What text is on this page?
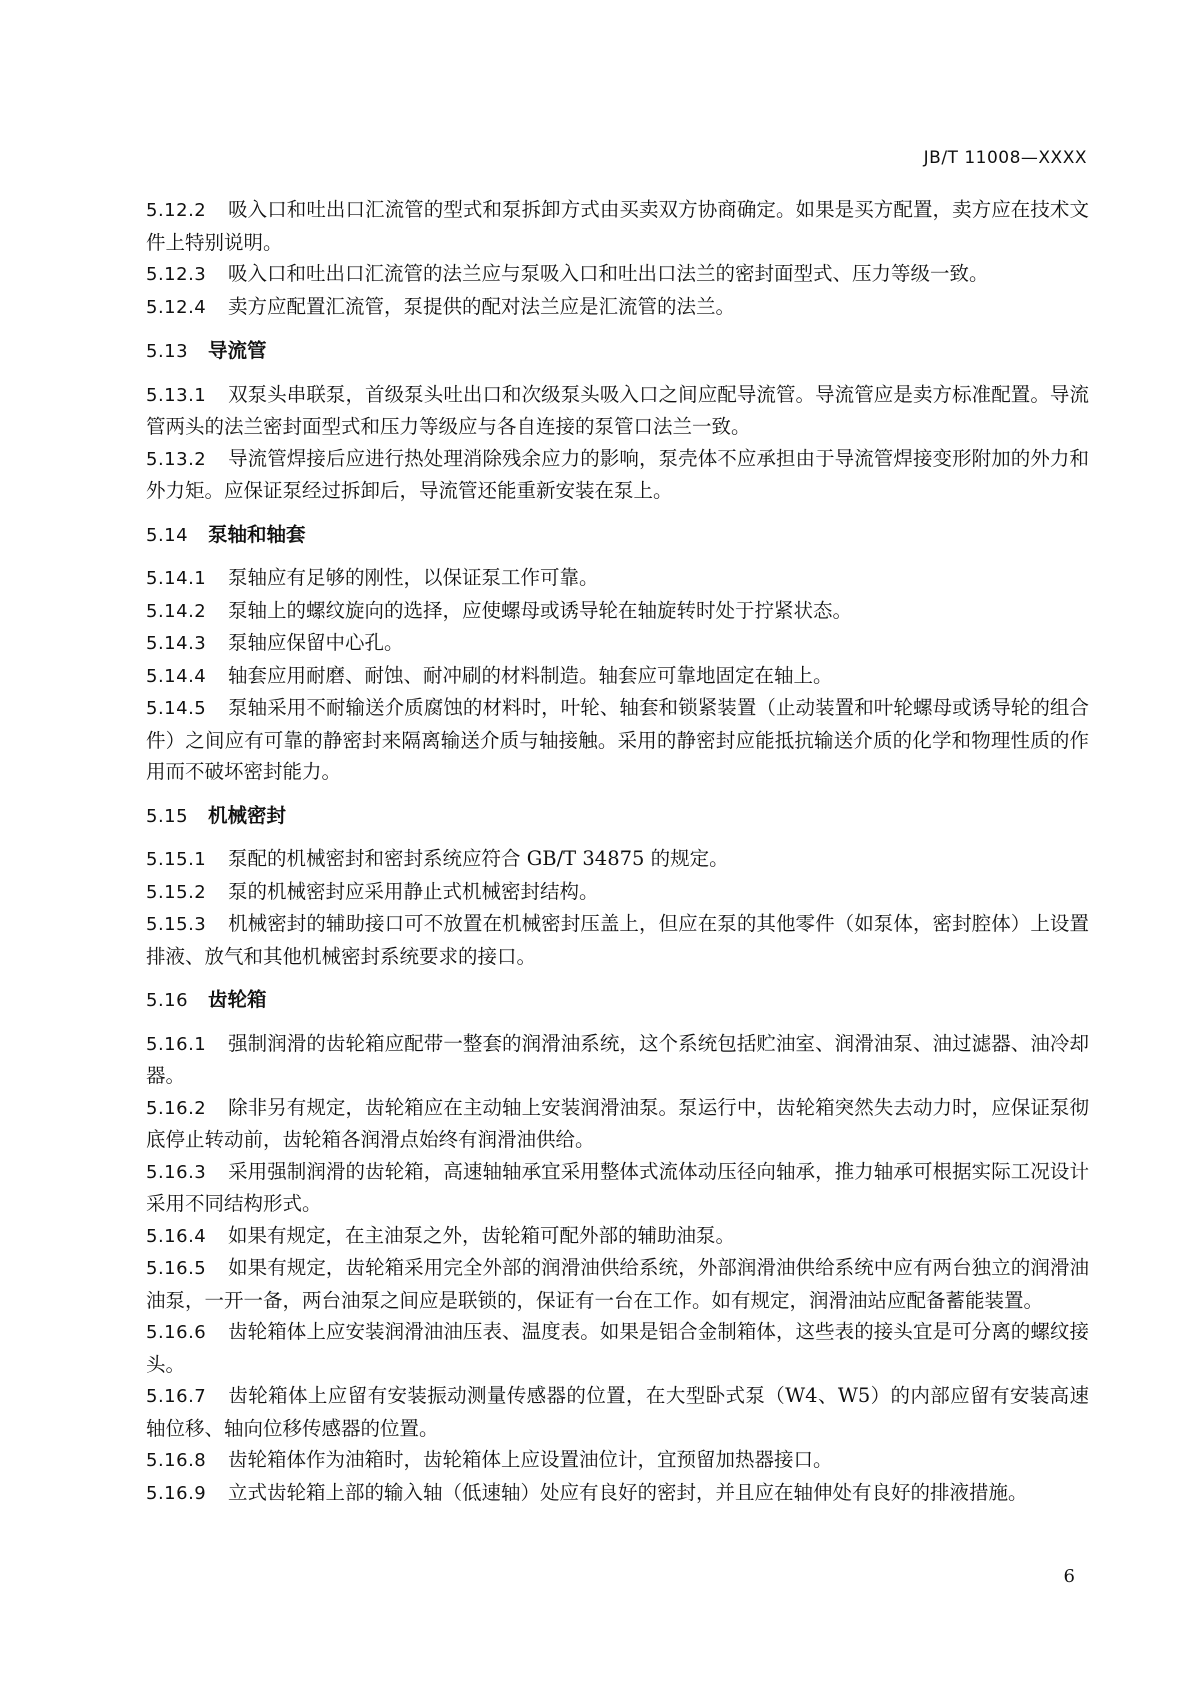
JB/T 11008—XXXX

5.12.2 吸入口和吐出口汇流管的型式和泵拆卸方式由买卖双方协商确定。如果是买方配置，卖方应在技术文件上特别说明。

5.12.3 吸入口和吐出口汇流管的法兰应与泵吸入口和吐出口法兰的密封面型式、压力等级一致。

5.12.4 卖方应配置汇流管，泵提供的配对法兰应是汇流管的法兰。

5.13 导流管

5.13.1 双泵头串联泵，首级泵头吐出口和次级泵头吸入口之间应配导流管。导流管应是卖方标准配置。导流管两头的法兰密封面型式和压力等级应与各自连接的泵管口法兰一致。

5.13.2 导流管焊接后应进行热处理消除残余应力的影响，泵壳体不应承担由于导流管焊接变形附加的外力和外力矩。应保证泵经过拆卸后，导流管还能重新安装在泵上。

5.14 泵轴和轴套

5.14.1 泵轴应有足够的刚性，以保证泵工作可靠。

5.14.2 泵轴上的螺纹旋向的选择，应使螺母或诱导轮在轴旋转时处于拧紧状态。

5.14.3 泵轴应保留中心孔。

5.14.4 轴套应用耐磨、耐蚀、耐冲刷的材料制造。轴套应可靠地固定在轴上。

5.14.5 泵轴采用不耐输送介质腐蚀的材料时，叶轮、轴套和锁紧装置（止动装置和叶轮螺母或诱导轮的组合件）之间应有可靠的静密封来隔离输送介质与轴接触。采用的静密封应能抵抗输送介质的化学和物理性质的作用而不破坏密封能力。

5.15 机械密封

5.15.1 泵配的机械密封和密封系统应符合 GB/T 34875 的规定。

5.15.2 泵的机械密封应采用静止式机械密封结构。

5.15.3 机械密封的辅助接口可不放置在机械密封压盖上，但应在泵的其他零件（如泵体，密封腔体）上设置排液、放气和其他机械密封系统要求的接口。

5.16 齿轮箱

5.16.1 强制润滑的齿轮箱应配带一整套的润滑油系统，这个系统包括贮油室、润滑油泵、油过滤器、油冷却器。

5.16.2 除非另有规定，齿轮箱应在主动轴上安装润滑油泵。泵运行中，齿轮箱突然失去动力时，应保证泵彻底停止转动前，齿轮箱各润滑点始终有润滑油供给。

5.16.3 采用强制润滑的齿轮箱，高速轴轴承宜采用整体式流体动压径向轴承，推力轴承可根据实际工况设计采用不同结构形式。

5.16.4 如果有规定，在主油泵之外，齿轮箱可配外部的辅助油泵。

5.16.5 如果有规定，齿轮箱采用完全外部的润滑油供给系统，外部润滑油供给系统中应有两台独立的润滑油油泵，一开一备，两台油泵之间应是联锁的，保证有一台在工作。如有规定，润滑油站应配备蓄能装置。

5.16.6 齿轮箱体上应安装润滑油油压表、温度表。如果是铝合金制箱体，这些表的接头宜是可分离的螺纹接头。

5.16.7 齿轮箱体上应留有安装振动测量传感器的位置，在大型卧式泵（W4、W5）的内部应留有安装高速轴位移、轴向位移传感器的位置。

5.16.8 齿轮箱体作为油箱时，齿轮箱体上应设置油位计，宜预留加热器接口。

5.16.9 立式齿轮箱上部的输入轴（低速轴）处应有良好的密封，并且应在轴伸处有良好的排液措施。

6
